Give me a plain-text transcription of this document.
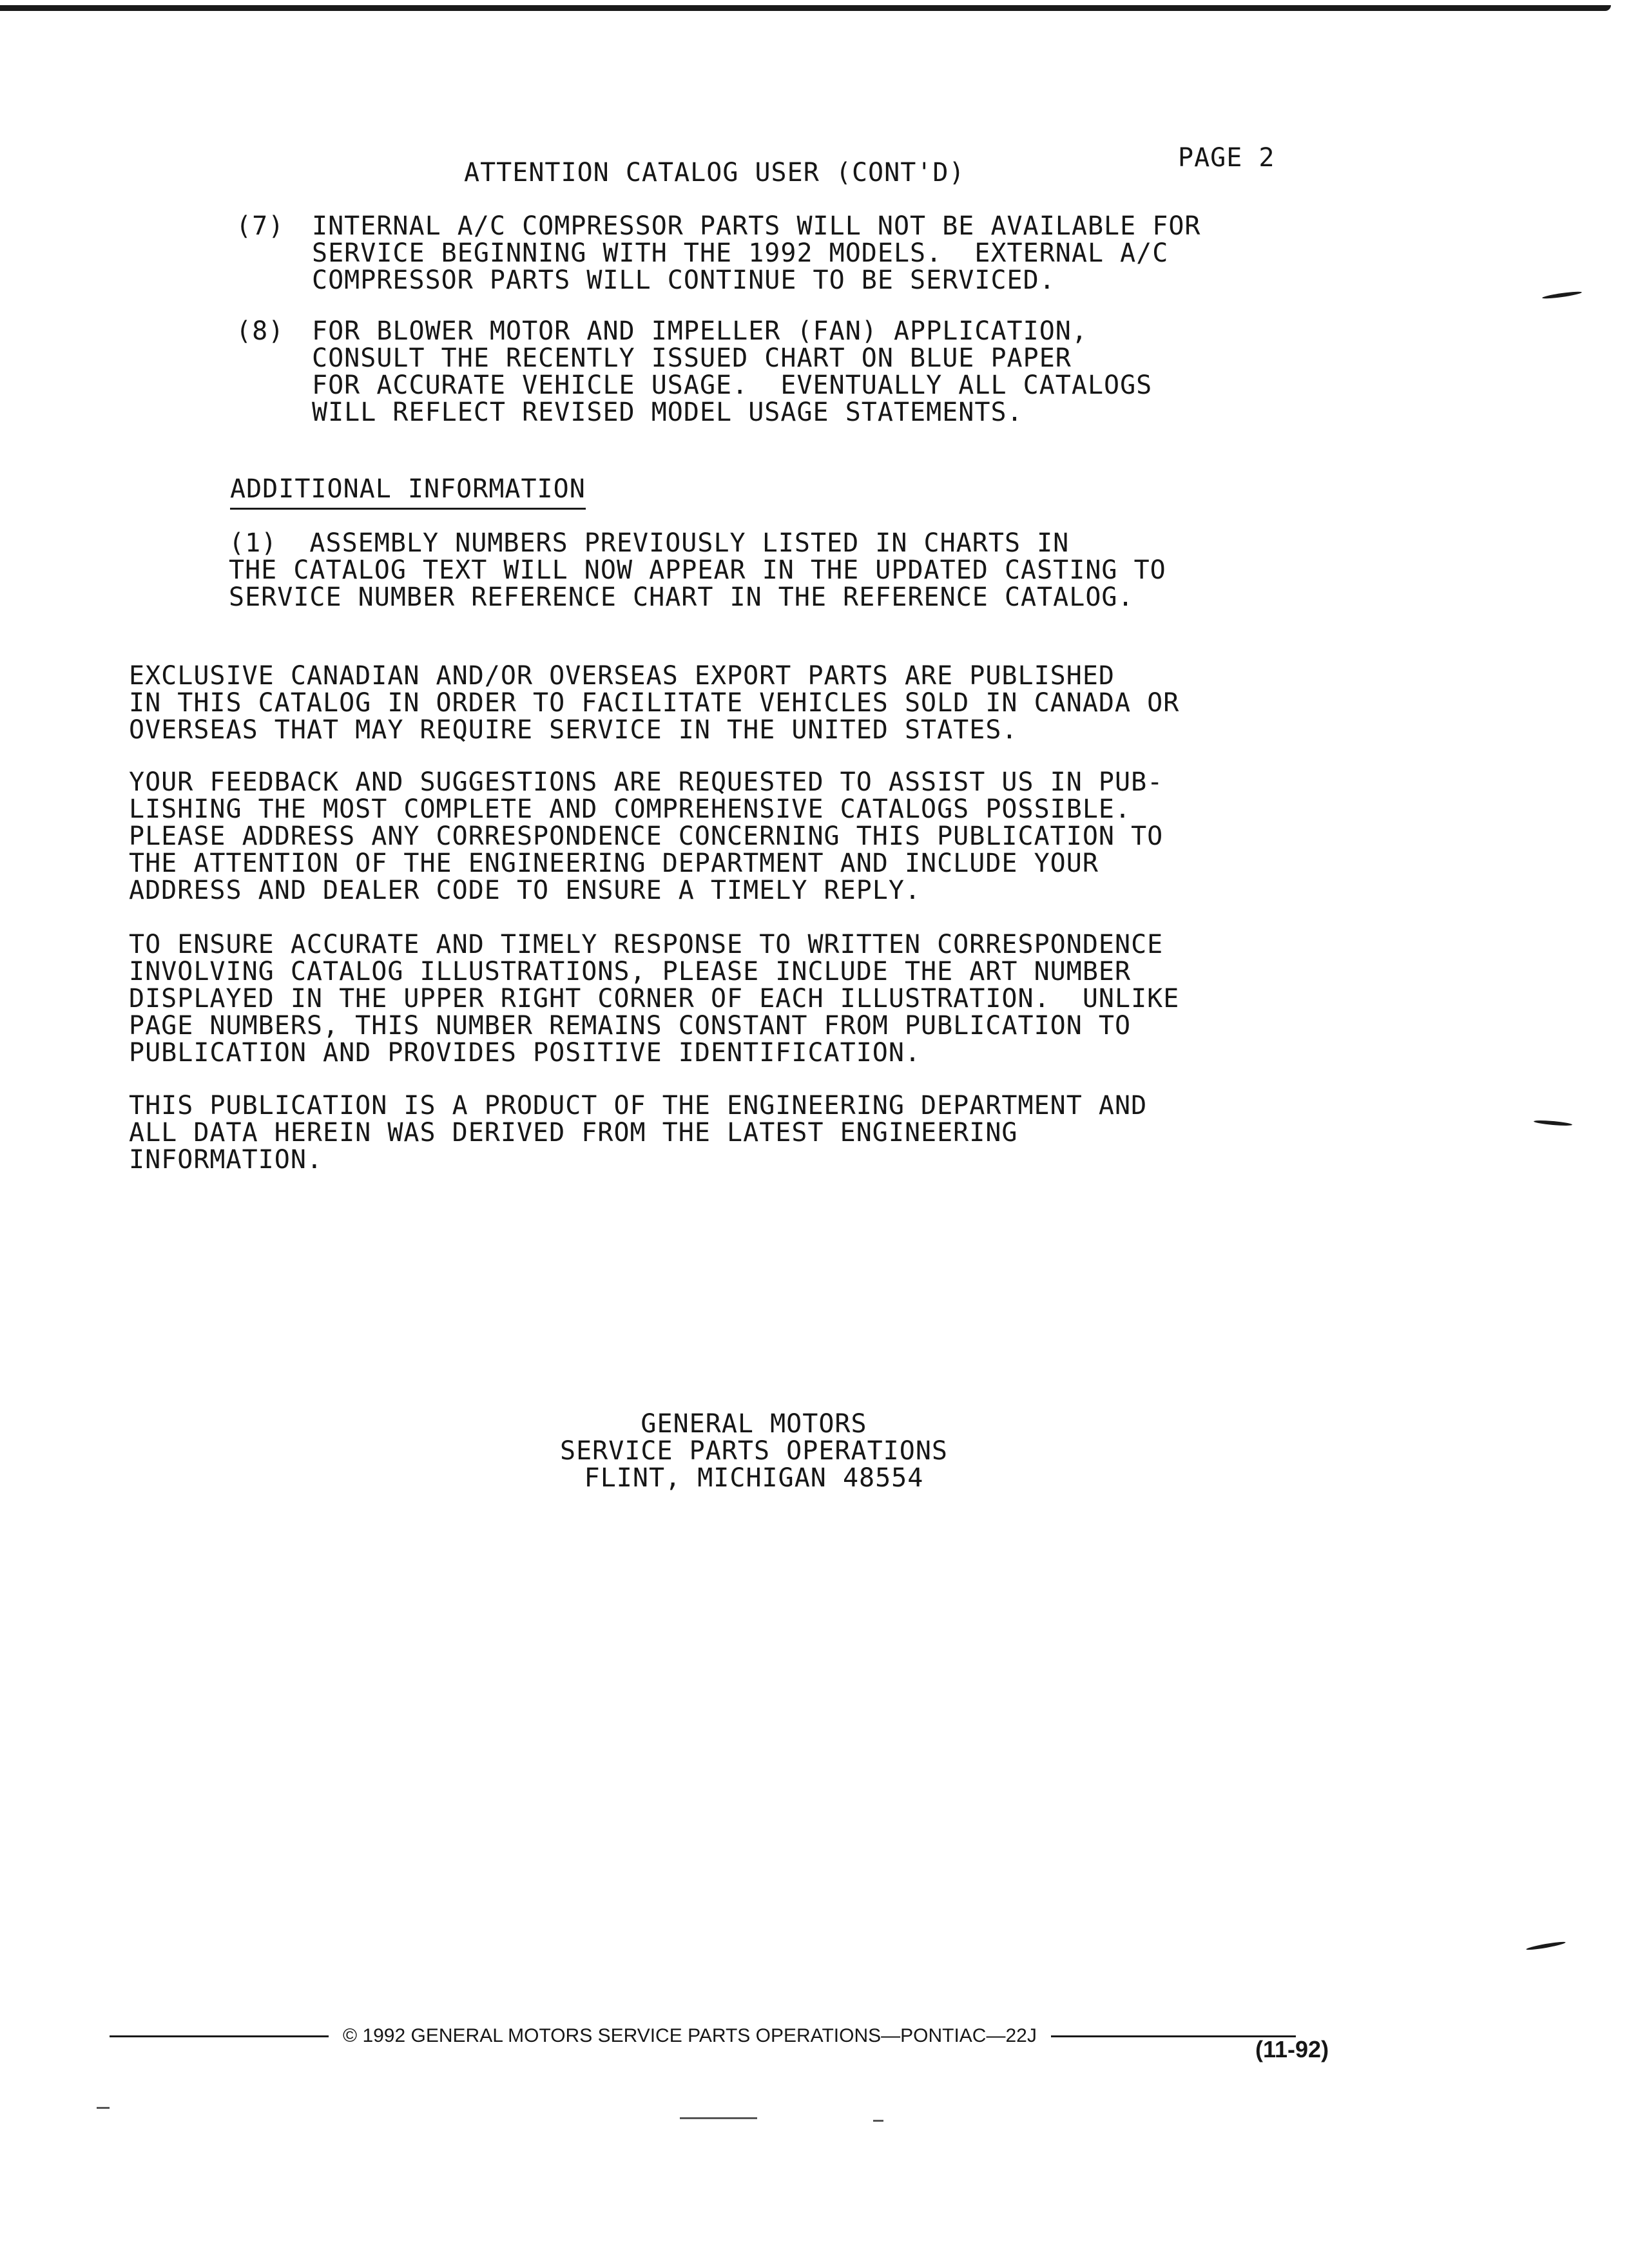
PAGE 2
ATTENTION CATALOG USER (CONT'D)
(7)	INTERNAL A/C COMPRESSOR PARTS WILL NOT BE AVAILABLE FOR
SERVICE BEGINNING WITH THE 1992 MODELS.  EXTERNAL A/C
COMPRESSOR PARTS WILL CONTINUE TO BE SERVICED.
(8)	FOR BLOWER MOTOR AND IMPELLER (FAN) APPLICATION,
CONSULT THE RECENTLY ISSUED CHART ON BLUE PAPER
FOR ACCURATE VEHICLE USAGE.  EVENTUALLY ALL CATALOGS
WILL REFLECT REVISED MODEL USAGE STATEMENTS.
ADDITIONAL INFORMATION
(1)  ASSEMBLY NUMBERS PREVIOUSLY LISTED IN CHARTS IN
THE CATALOG TEXT WILL NOW APPEAR IN THE UPDATED CASTING TO
SERVICE NUMBER REFERENCE CHART IN THE REFERENCE CATALOG.
EXCLUSIVE CANADIAN AND/OR OVERSEAS EXPORT PARTS ARE PUBLISHED
IN THIS CATALOG IN ORDER TO FACILITATE VEHICLES SOLD IN CANADA OR
OVERSEAS THAT MAY REQUIRE SERVICE IN THE UNITED STATES.
YOUR FEEDBACK AND SUGGESTIONS ARE REQUESTED TO ASSIST US IN PUB-
LISHING THE MOST COMPLETE AND COMPREHENSIVE CATALOGS POSSIBLE.
PLEASE ADDRESS ANY CORRESPONDENCE CONCERNING THIS PUBLICATION TO
THE ATTENTION OF THE ENGINEERING DEPARTMENT AND INCLUDE YOUR
ADDRESS AND DEALER CODE TO ENSURE A TIMELY REPLY.
TO ENSURE ACCURATE AND TIMELY RESPONSE TO WRITTEN CORRESPONDENCE
INVOLVING CATALOG ILLUSTRATIONS, PLEASE INCLUDE THE ART NUMBER
DISPLAYED IN THE UPPER RIGHT CORNER OF EACH ILLUSTRATION.  UNLIKE
PAGE NUMBERS, THIS NUMBER REMAINS CONSTANT FROM PUBLICATION TO
PUBLICATION AND PROVIDES POSITIVE IDENTIFICATION.
THIS PUBLICATION IS A PRODUCT OF THE ENGINEERING DEPARTMENT AND
ALL DATA HEREIN WAS DERIVED FROM THE LATEST ENGINEERING
INFORMATION.
GENERAL MOTORS
SERVICE PARTS OPERATIONS
FLINT, MICHIGAN 48554
© 1992 GENERAL MOTORS SERVICE PARTS OPERATIONS—PONTIAC—22J
(11-92)
